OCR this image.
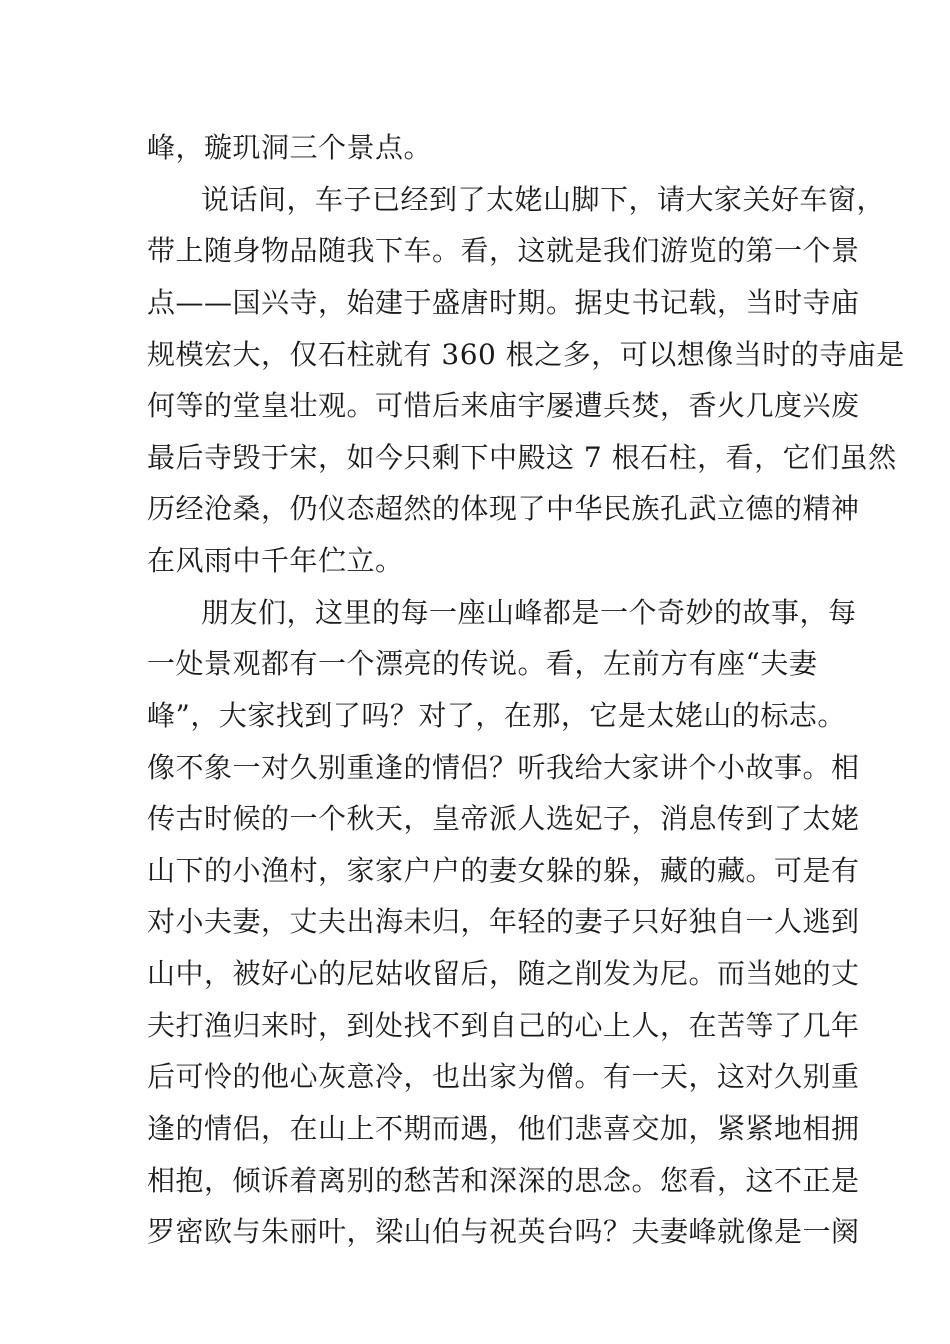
峰，璇玑洞三个景点。

说话间，车子已经到了太姥山脚下，请大家关好车窗，

带上随身物品随我下车。看，这就是我们游览的第一个景

点——国兴寺，始建于盛唐时期。据史书记载，当时寺庙

规模宏大，仅石柱就有 360 根之多，可以想像当时的寺庙是

何等的堂皇壮观。可惜后来庙宇屡遭兵焚，香火几度兴废

最后寺毁于宋，如今只剩下中殿这 7 根石柱，看，它们虽然

历经沧桑，仍仪态超然的体现了中华民族孔武立德的精神

在风雨中千年伫立。

朋友们，这里的每一座山峰都是一个奇妙的故事，每

一处景观都有一个漂亮的传说。看，左前方有座“夫妻

峰”，大家找到了吗？对了，在那，它是太姥山的标志。

像不象一对久别重逢的情侣？听我给大家讲个小故事。相

传古时候的一个秋天，皇帝派人选妃子，消息传到了太姥

山下的小渔村，家家户户的妻女躲的躲，藏的藏。可是有

对小夫妻，丈夫出海未归，年轻的妻子只好独自一人逃到

山中，被好心的尼姑收留后，随之削发为尼。而当她的丈

夫打渔归来时，到处找不到自己的心上人，在苦等了几年

后可怜的他心灰意冷，也出家为僧。有一天，这对久别重

逢的情侣，在山上不期而遇，他们悲喜交加，紧紧地相拥

相抱，倾诉着离别的愁苦和深深的思念。您看，这不正是

罗密欧与朱丽叶，梁山伯与祝英台吗？夫妻峰就像是一阕
